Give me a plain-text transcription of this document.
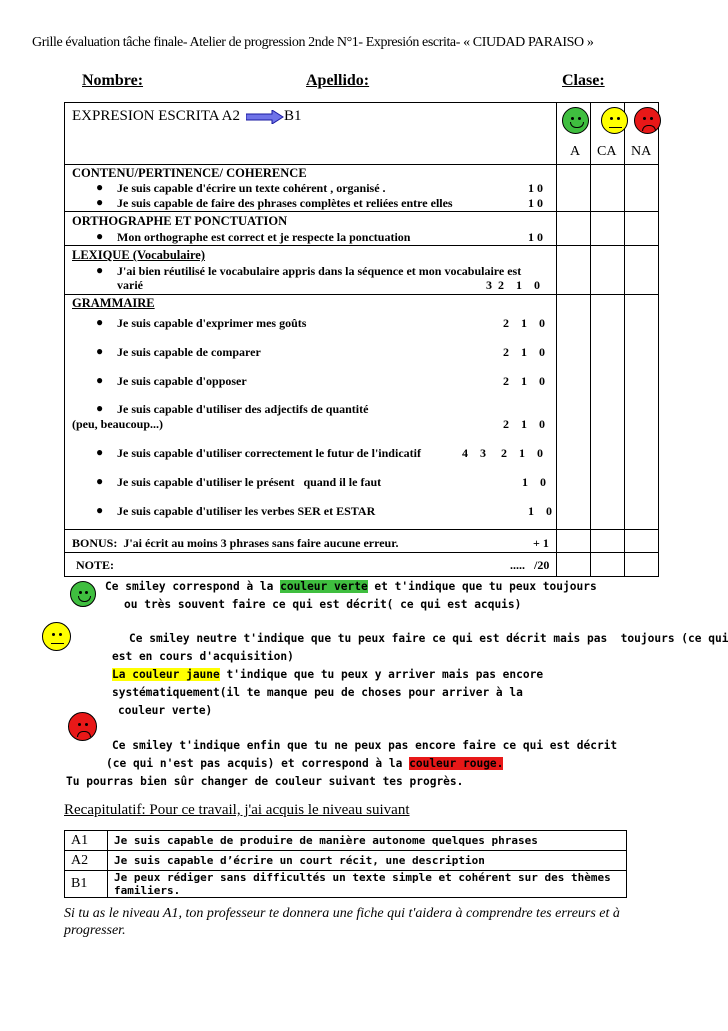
Grille évaluation tâche finale- Atelier de progression 2nde N°1- Expresión escrita- « CIUDAD PARAISO »
Nombre:	Apellido:	Clase:
EXPRESION ESCRITA A2	B1
A CA NA
CONTENU/PERTINENCE/ COHERENCE
● Je suis capable d'écrire un texte cohérent , organisé .	1 0
● Je suis capable de faire des phrases complètes et reliées entre elles	1 0
ORTHOGRAPHE ET PONCTUATION
● Mon orthographe est correct et je respecte la ponctuation	1 0
LEXIQUE (Vocabulaire)
● J'ai bien réutilisé le vocabulaire appris dans la séquence et mon vocabulaire est
varié	3  2    1    0
GRAMMAIRE
● Je suis capable d'exprimer mes goûts	2    1    0
● Je suis capable de comparer	2    1    0
● Je suis capable d'opposer	2    1    0
● Je suis capable d'utiliser des adjectifs de quantité
(peu, beaucoup...)	2    1    0
● Je suis capable d'utiliser correctement le futur de l'indicatif	4    3     2    1    0
● Je suis capable d'utiliser le présent   quand il le faut	1    0
● Je suis capable d'utiliser les verbes SER et ESTAR	1    0
BONUS:  J'ai écrit au moins 3 phrases sans faire aucune erreur.	+ 1
NOTE:	.....   /20
Ce smiley correspond à la couleur verte et t'indique que tu peux toujours
ou très souvent faire ce qui est décrit( ce qui est acquis)
Ce smiley neutre t'indique que tu peux faire ce qui est décrit mais pas  toujours (ce qui
est en cours d'acquisition)
La couleur jaune t'indique que tu peux y arriver mais pas encore
systématiquement(il te manque peu de choses pour arriver à la
couleur verte)
Ce smiley t'indique enfin que tu ne peux pas encore faire ce qui est décrit
(ce qui n'est pas acquis) et correspond à la couleur rouge.
Tu pourras bien sûr changer de couleur suivant tes progrès.
Recapitulatif: Pour ce travail, j'ai acquis le niveau suivant
A1	Je suis capable de produire de manière autonome quelques phrases
A2	Je suis capable d’écrire un court récit, une description
B1	Je peux rédiger sans difficultés un texte simple et cohérent sur des thèmes familiers.
Si tu as le niveau A1, ton professeur te donnera une fiche qui t'aidera à comprendre tes erreurs et à progresser.
